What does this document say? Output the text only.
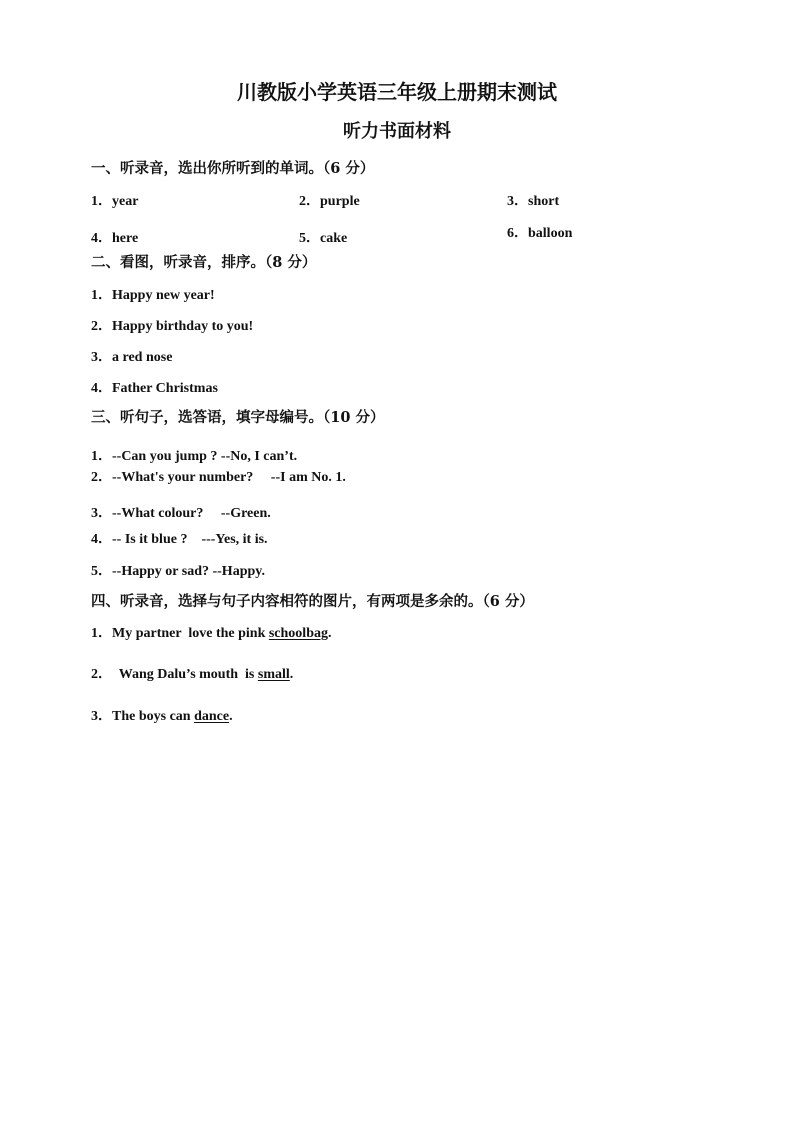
川教版小学英语三年级上册期末测试
听力书面材料

一、听录音，选出你所听到的单词。（6 分）

1．year	2．purple	3．short
4．here	5．cake	6．balloon

二、看图，听录音，排序。（8 分）

1．Happy new year!
2．Happy birthday to you!
3．a red nose
4．Father Christmas

三、听句子，选答语，填字母编号。（10 分）

1．--Can you jump ? --No, I can’t.
2．--What's your number?     --I am No. 1.
3．--What colour?     --Green.
4．-- Is it blue ?    ---Yes, it is.
5．--Happy or sad? --Happy.

四、听录音，选择与句子内容相符的图片，有两项是多余的。（6 分）

1．My partner  love the pink schoolbag.
2．  Wang Dalu’s mouth  is small.
3．The boys can dance.
